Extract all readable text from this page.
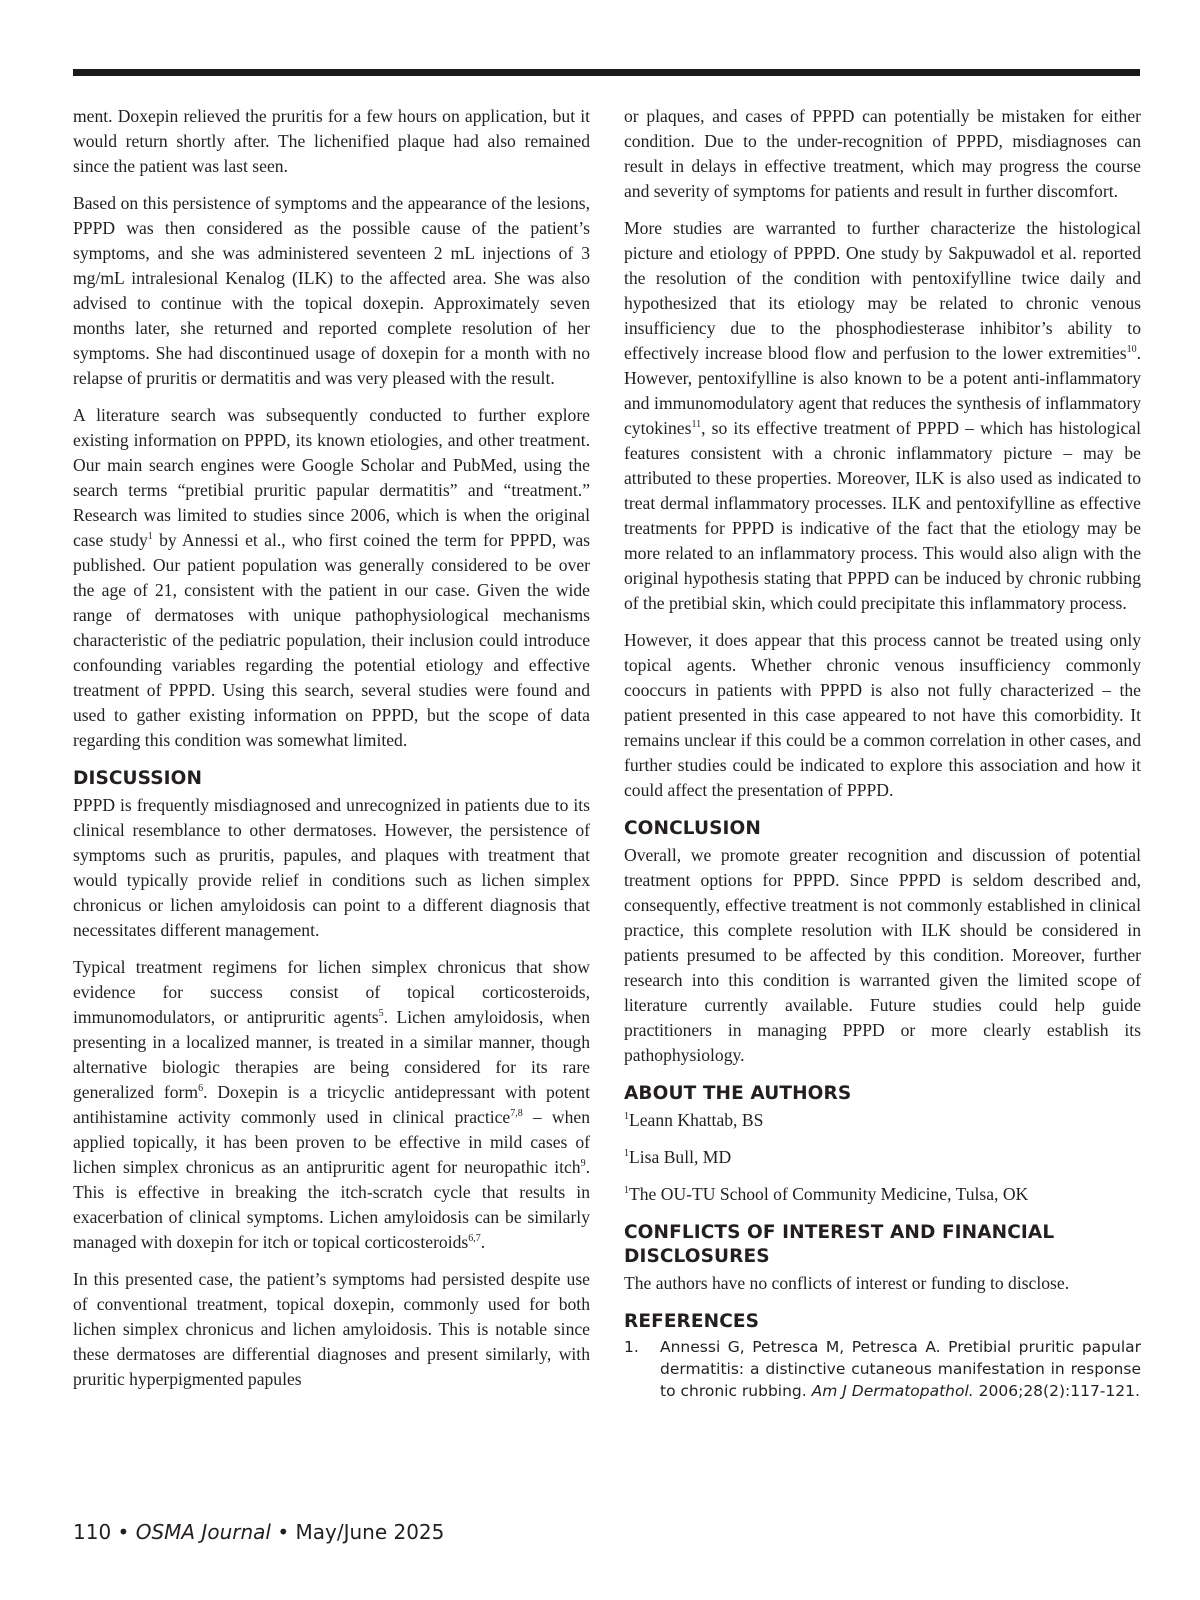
ment. Doxepin relieved the pruritis for a few hours on application, but it would return shortly after. The lichenified plaque had also remained since the patient was last seen.

Based on this persistence of symptoms and the appearance of the lesions, PPPD was then considered as the possible cause of the patient’s symptoms, and she was administered seventeen 2 mL injections of 3 mg/mL intralesional Kenalog (ILK) to the affected area. She was also advised to continue with the topical doxepin. Approximately seven months later, she returned and reported complete resolution of her symptoms. She had discontinued usage of doxepin for a month with no relapse of pruritis or dermatitis and was very pleased with the result.

A literature search was subsequently conducted to further explore existing information on PPPD, its known etiologies, and other treatment. Our main search engines were Google Scholar and PubMed, using the search terms “pretibial pruritic papular dermatitis” and “treatment.” Research was limited to studies since 2006, which is when the original case study$^1$ by Annessi et al., who first coined the term for PPPD, was published. Our patient population was generally considered to be over the age of 21, consistent with the patient in our case. Given the wide range of dermatoses with unique pathophysiological mechanisms characteristic of the pediatric population, their inclusion could introduce confounding variables regarding the potential etiology and effective treatment of PPPD. Using this search, several studies were found and used to gather existing information on PPPD, but the scope of data regarding this condition was somewhat limited.

DISCUSSION

PPPD is frequently misdiagnosed and unrecognized in patients due to its clinical resemblance to other dermatoses. However, the persistence of symptoms such as pruritis, papules, and plaques with treatment that would typically provide relief in conditions such as lichen simplex chronicus or lichen amyloidosis can point to a different diagnosis that necessitates different management.

Typical treatment regimens for lichen simplex chronicus that show evidence for success consist of topical corticosteroids, immunomodulators, or antipruritic agents$^5$. Lichen amyloidosis, when presenting in a localized manner, is treated in a similar manner, though alternative biologic therapies are being considered for its rare generalized form$^6$. Doxepin is a tricyclic antidepressant with potent antihistamine activity commonly used in clinical practice$^{7,8}$ – when applied topically, it has been proven to be effective in mild cases of lichen simplex chronicus as an antipruritic agent for neuropathic itch$^9$. This is effective in breaking the itch-scratch cycle that results in exacerbation of clinical symptoms. Lichen amyloidosis can be similarly managed with doxepin for itch or topical corticosteroids$^{6,7}$.

In this presented case, the patient’s symptoms had persisted despite use of conventional treatment, topical doxepin, commonly used for both lichen simplex chronicus and lichen amyloidosis. This is notable since these dermatoses are differential diagnoses and present similarly, with pruritic hyperpigmented papules

or plaques, and cases of PPPD can potentially be mistaken for either condition. Due to the under-recognition of PPPD, misdiagnoses can result in delays in effective treatment, which may progress the course and severity of symptoms for patients and result in further discomfort.

More studies are warranted to further characterize the histological picture and etiology of PPPD. One study by Sakpuwadol et al. reported the resolution of the condition with pentoxifylline twice daily and hypothesized that its etiology may be related to chronic venous insufficiency due to the phosphodiesterase inhibitor’s ability to effectively increase blood flow and perfusion to the lower extremities$^{10}$. However, pentoxifylline is also known to be a potent anti-inflammatory and immunomodulatory agent that reduces the synthesis of inflammatory cytokines$^{11}$, so its effective treatment of PPPD – which has histological features consistent with a chronic inflammatory picture – may be attributed to these properties. Moreover, ILK is also used as indicated to treat dermal inflammatory processes. ILK and pentoxifylline as effective treatments for PPPD is indicative of the fact that the etiology may be more related to an inflammatory process. This would also align with the original hypothesis stating that PPPD can be induced by chronic rubbing of the pretibial skin, which could precipitate this inflammatory process.

However, it does appear that this process cannot be treated using only topical agents. Whether chronic venous insufficiency commonly cooccurs in patients with PPPD is also not fully characterized – the patient presented in this case appeared to not have this comorbidity. It remains unclear if this could be a common correlation in other cases, and further studies could be indicated to explore this association and how it could affect the presentation of PPPD.

CONCLUSION

Overall, we promote greater recognition and discussion of potential treatment options for PPPD. Since PPPD is seldom described and, consequently, effective treatment is not commonly established in clinical practice, this complete resolution with ILK should be considered in patients presumed to be affected by this condition. Moreover, further research into this condition is warranted given the limited scope of literature currently available. Future studies could help guide practitioners in managing PPPD or more clearly establish its pathophysiology.

ABOUT THE AUTHORS

$^1$Leann Khattab, BS

$^1$Lisa Bull, MD

$^1$The OU-TU School of Community Medicine, Tulsa, OK

CONFLICTS OF INTEREST AND FINANCIAL DISCLOSURES

The authors have no conflicts of interest or funding to disclose.

REFERENCES
1.	Annessi G, Petresca M, Petresca A. Pretibial pruritic papular dermatitis: a distinctive cutaneous manifestation in response to chronic rubbing. Am J Dermatopathol. 2006;28(2):117-121.
110 • OSMA Journal • May/June 2025
